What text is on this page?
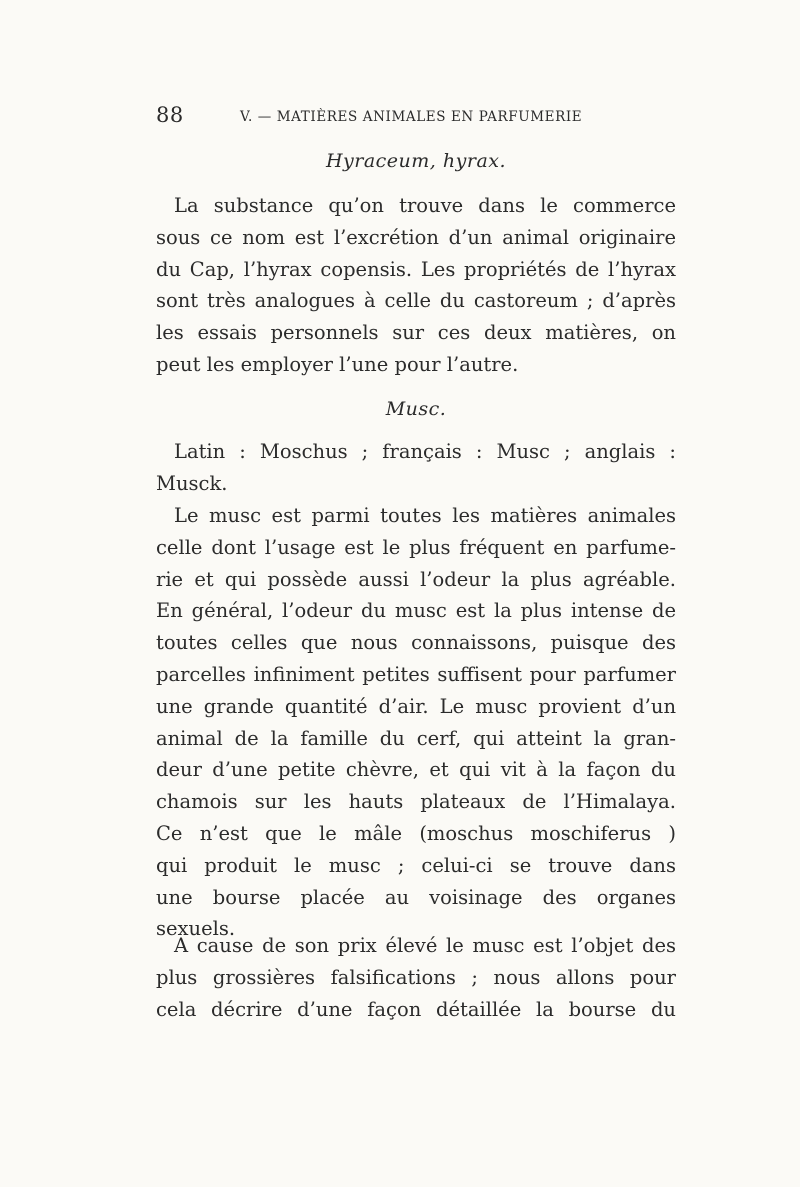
88	V. — MATIÈRES ANIMALES EN PARFUMERIE
Hyraceum, hyrax.
La substance qu’on trouve dans le commerce
sous ce nom est l’excrétion d’un animal originaire
du Cap, l’hyrax copensis. Les propriétés de l’hyrax
sont très analogues à celle du castoreum ; d’après
les essais personnels sur ces deux matières, on
peut les employer l’une pour l’autre.
Musc.
Latin : Moschus ; français : Musc ; anglais :
Musck.
Le musc est parmi toutes les matières animales
celle dont l’usage est le plus fréquent en parfume-
rie et qui possède aussi l’odeur la plus agréable.
En général, l’odeur du musc est la plus intense de
toutes celles que nous connaissons, puisque des
parcelles infiniment petites suffisent pour parfumer
une grande quantité d’air. Le musc provient d’un
animal de la famille du cerf, qui atteint la gran-
deur d’une petite chèvre, et qui vit à la façon du
chamois sur les hauts plateaux de l’Himalaya.
Ce n’est que le mâle (moschus moschiferus )
qui produit le musc ; celui-ci se trouve dans
une bourse placée au voisinage des organes
sexuels.
A cause de son prix élevé le musc est l’objet des
plus grossières falsifications ; nous allons pour
cela décrire d’une façon détaillée la bourse du
